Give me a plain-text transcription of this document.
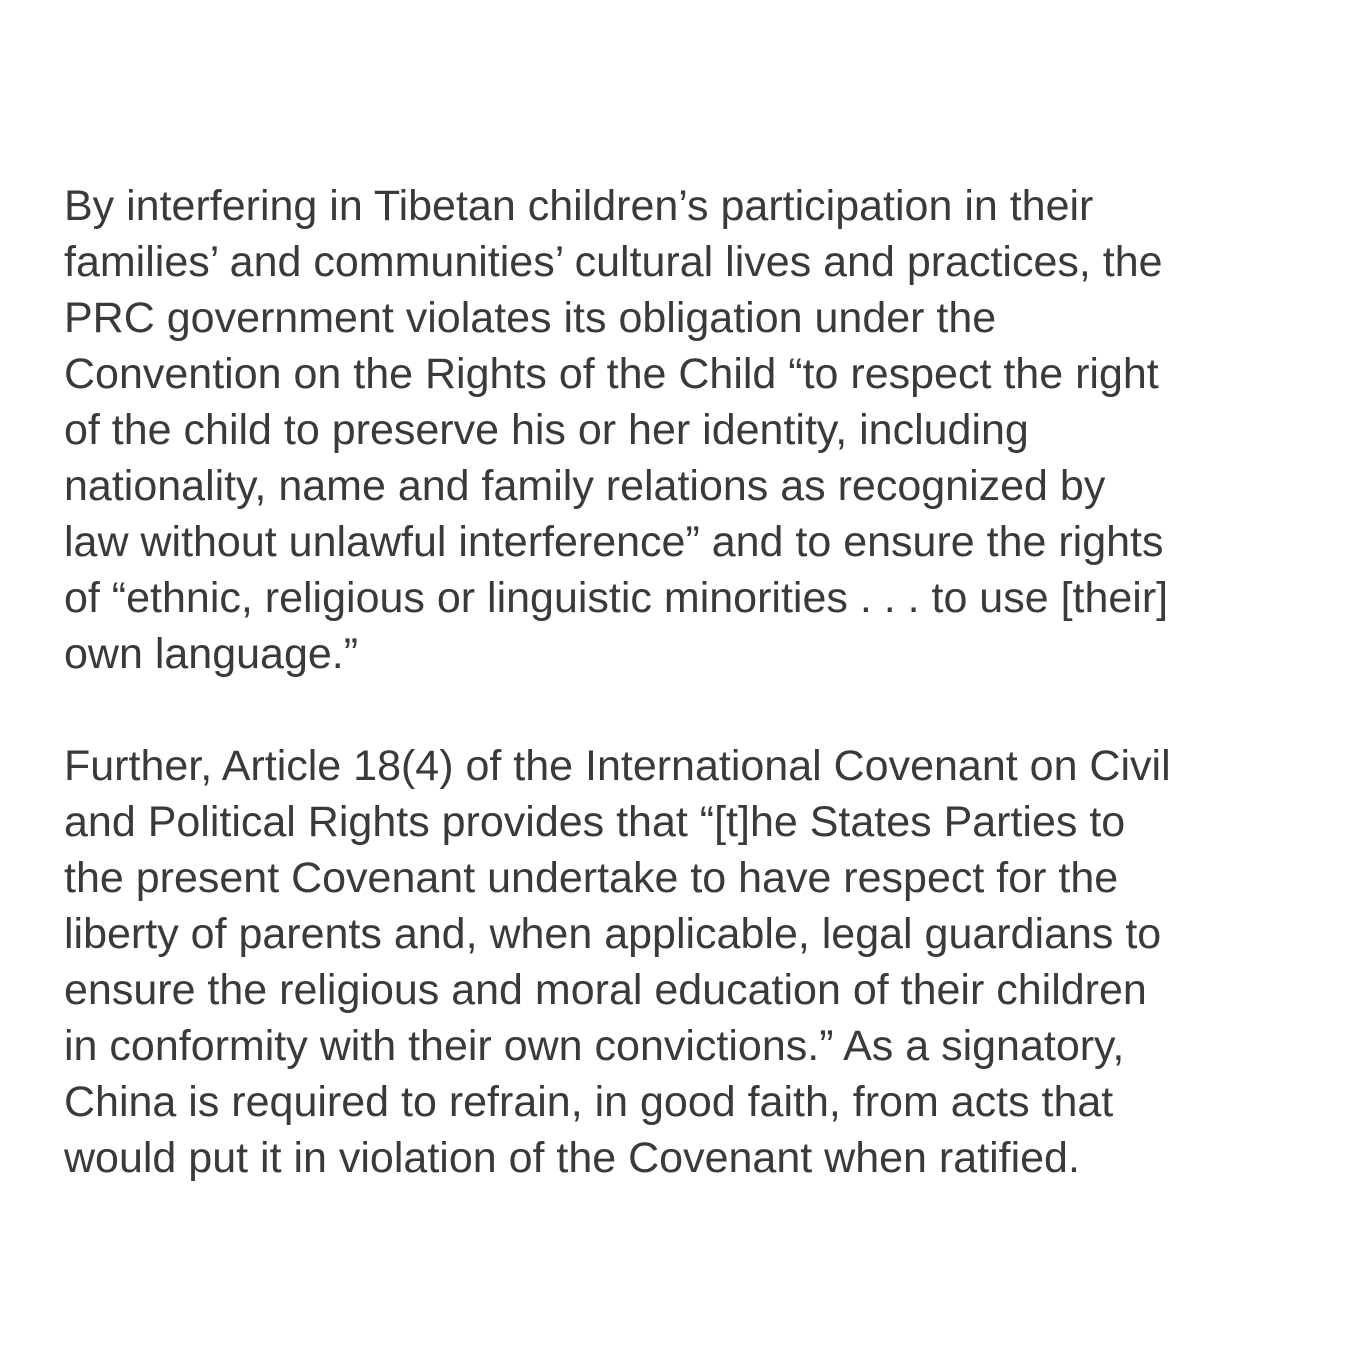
By interfering in Tibetan children’s participation in their
families’ and communities’ cultural lives and practices, the
PRC government violates its obligation under the
Convention on the Rights of the Child “to respect the right
of the child to preserve his or her identity, including
nationality, name and family relations as recognized by
law without unlawful interference” and to ensure the rights
of “ethnic, religious or linguistic minorities . . . to use [their]
own language.”

Further, Article 18(4) of the International Covenant on Civil
and Political Rights provides that “[t]he States Parties to
the present Covenant undertake to have respect for the
liberty of parents and, when applicable, legal guardians to
ensure the religious and moral education of their children
in conformity with their own convictions.” As a signatory,
China is required to refrain, in good faith, from acts that
would put it in violation of the Covenant when ratified.
